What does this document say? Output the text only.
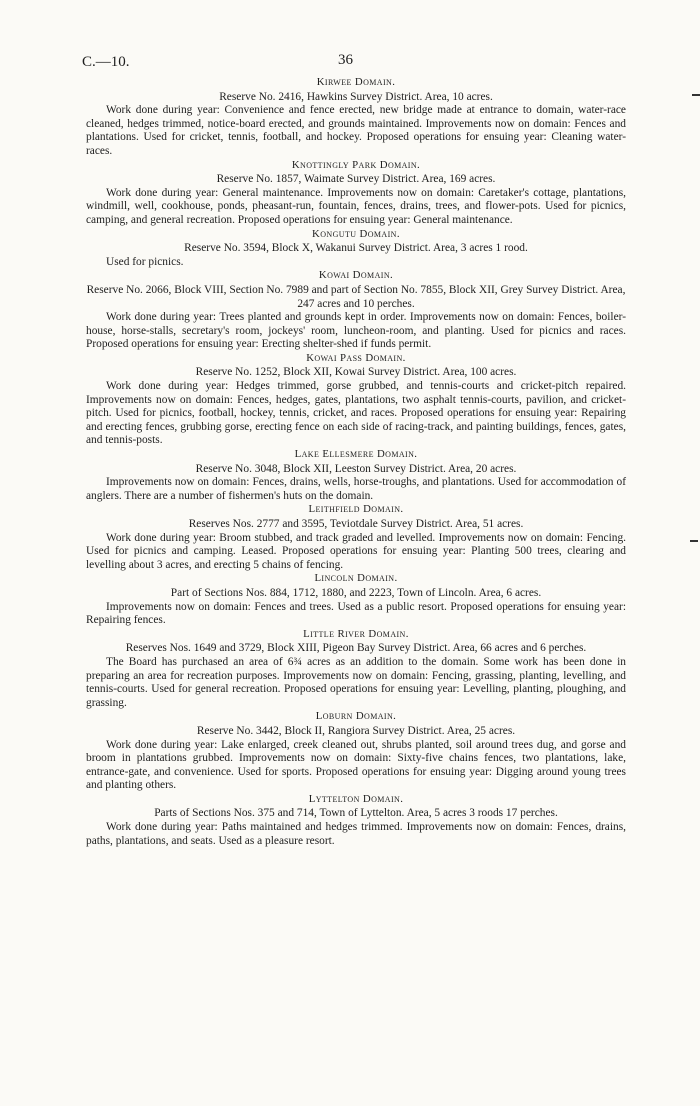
C.—10.	36
Kirwee Domain.
Reserve No. 2416, Hawkins Survey District. Area, 10 acres.

Work done during year: Convenience and fence erected, new bridge made at entrance to domain, water-race cleaned, hedges trimmed, notice-board erected, and grounds maintained. Improvements now on domain: Fences and plantations. Used for cricket, tennis, football, and hockey. Proposed operations for ensuing year: Cleaning water-races.

Knottingly Park Domain.
Reserve No. 1857, Waimate Survey District. Area, 169 acres.

Work done during year: General maintenance. Improvements now on domain: Caretaker's cottage, plantations, windmill, well, cookhouse, ponds, pheasant-run, fountain, fences, drains, trees, and flower-pots. Used for picnics, camping, and general recreation. Proposed operations for ensuing year: General maintenance.

Kongutu Domain.
Reserve No. 3594, Block X, Wakanui Survey District. Area, 3 acres 1 rood.

Used for picnics.

Kowai Domain.
Reserve No. 2066, Block VIII, Section No. 7989 and part of Section No. 7855, Block XII, Grey Survey District. Area, 247 acres and 10 perches.

Work done during year: Trees planted and grounds kept in order. Improvements now on domain: Fences, boiler-house, horse-stalls, secretary's room, jockeys' room, luncheon-room, and planting. Used for picnics and races. Proposed operations for ensuing year: Erecting shelter-shed if funds permit.

Kowai Pass Domain.
Reserve No. 1252, Block XII, Kowai Survey District. Area, 100 acres.

Work done during year: Hedges trimmed, gorse grubbed, and tennis-courts and cricket-pitch repaired. Improvements now on domain: Fences, hedges, gates, plantations, two asphalt tennis-courts, pavilion, and cricket-pitch. Used for picnics, football, hockey, tennis, cricket, and races. Proposed operations for ensuing year: Repairing and erecting fences, grubbing gorse, erecting fence on each side of racing-track, and painting buildings, fences, gates, and tennis-posts.

Lake Ellesmere Domain.
Reserve No. 3048, Block XII, Leeston Survey District. Area, 20 acres.

Improvements now on domain: Fences, drains, wells, horse-troughs, and plantations. Used for accommodation of anglers. There are a number of fishermen's huts on the domain.

Leithfield Domain.
Reserves Nos. 2777 and 3595, Teviotdale Survey District. Area, 51 acres.

Work done during year: Broom stubbed, and track graded and levelled. Improvements now on domain: Fencing. Used for picnics and camping. Leased. Proposed operations for ensuing year: Planting 500 trees, clearing and levelling about 3 acres, and erecting 5 chains of fencing.

Lincoln Domain.
Part of Sections Nos. 884, 1712, 1880, and 2223, Town of Lincoln. Area, 6 acres.

Improvements now on domain: Fences and trees. Used as a public resort. Proposed operations for ensuing year: Repairing fences.

Little River Domain.
Reserves Nos. 1649 and 3729, Block XIII, Pigeon Bay Survey District. Area, 66 acres and 6 perches.

The Board has purchased an area of 6¾ acres as an addition to the domain. Some work has been done in preparing an area for recreation purposes. Improvements now on domain: Fencing, grassing, planting, levelling, and tennis-courts. Used for general recreation. Proposed operations for ensuing year: Levelling, planting, ploughing, and grassing.

Loburn Domain.
Reserve No. 3442, Block II, Rangiora Survey District. Area, 25 acres.

Work done during year: Lake enlarged, creek cleaned out, shrubs planted, soil around trees dug, and gorse and broom in plantations grubbed. Improvements now on domain: Sixty-five chains fences, two plantations, lake, entrance-gate, and convenience. Used for sports. Proposed operations for ensuing year: Digging around young trees and planting others.

Lyttelton Domain.
Parts of Sections Nos. 375 and 714, Town of Lyttelton. Area, 5 acres 3 roods 17 perches.

Work done during year: Paths maintained and hedges trimmed. Improvements now on domain: Fences, drains, paths, plantations, and seats. Used as a pleasure resort.
